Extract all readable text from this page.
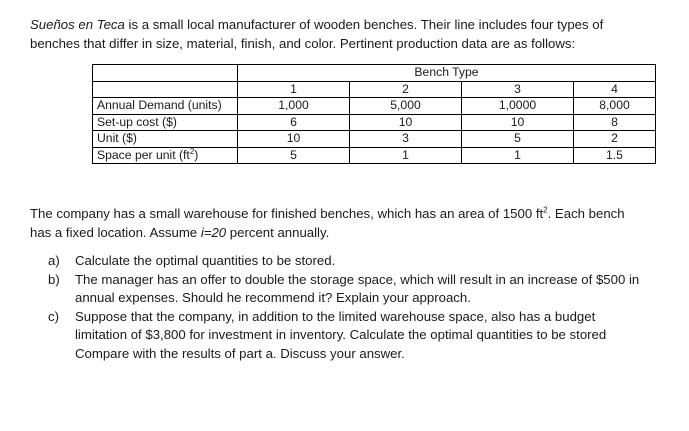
Sueños en Teca is a small local manufacturer of wooden benches. Their line includes four types of
benches that differ in size, material, finish, and color. Pertinent production data are as follows:
	Bench Type			
	1	2	3	4
Annual Demand (units)	1,000	5,000	1,0000	8,000
Set-up cost ($)	6	10	10	8
Unit ($)	10	3	5	2
Space per unit $(ft^2)$	5	1	1	1.5
The company has a small warehouse for finished benches, which has an area of 1500 $ft^2$. Each bench
has a fixed location. Assume i=20 percent annually.
a) Calculate the optimal quantities to be stored.
b) The manager has an offer to double the storage space, which will result in an increase of $500 in
annual expenses. Should he recommend it? Explain your approach.
c) Suppose that the company, in addition to the limited warehouse space, also has a budget
limitation of $3,800 for investment in inventory. Calculate the optimal quantities to be stored
Compare with the results of part a. Discuss your answer.
